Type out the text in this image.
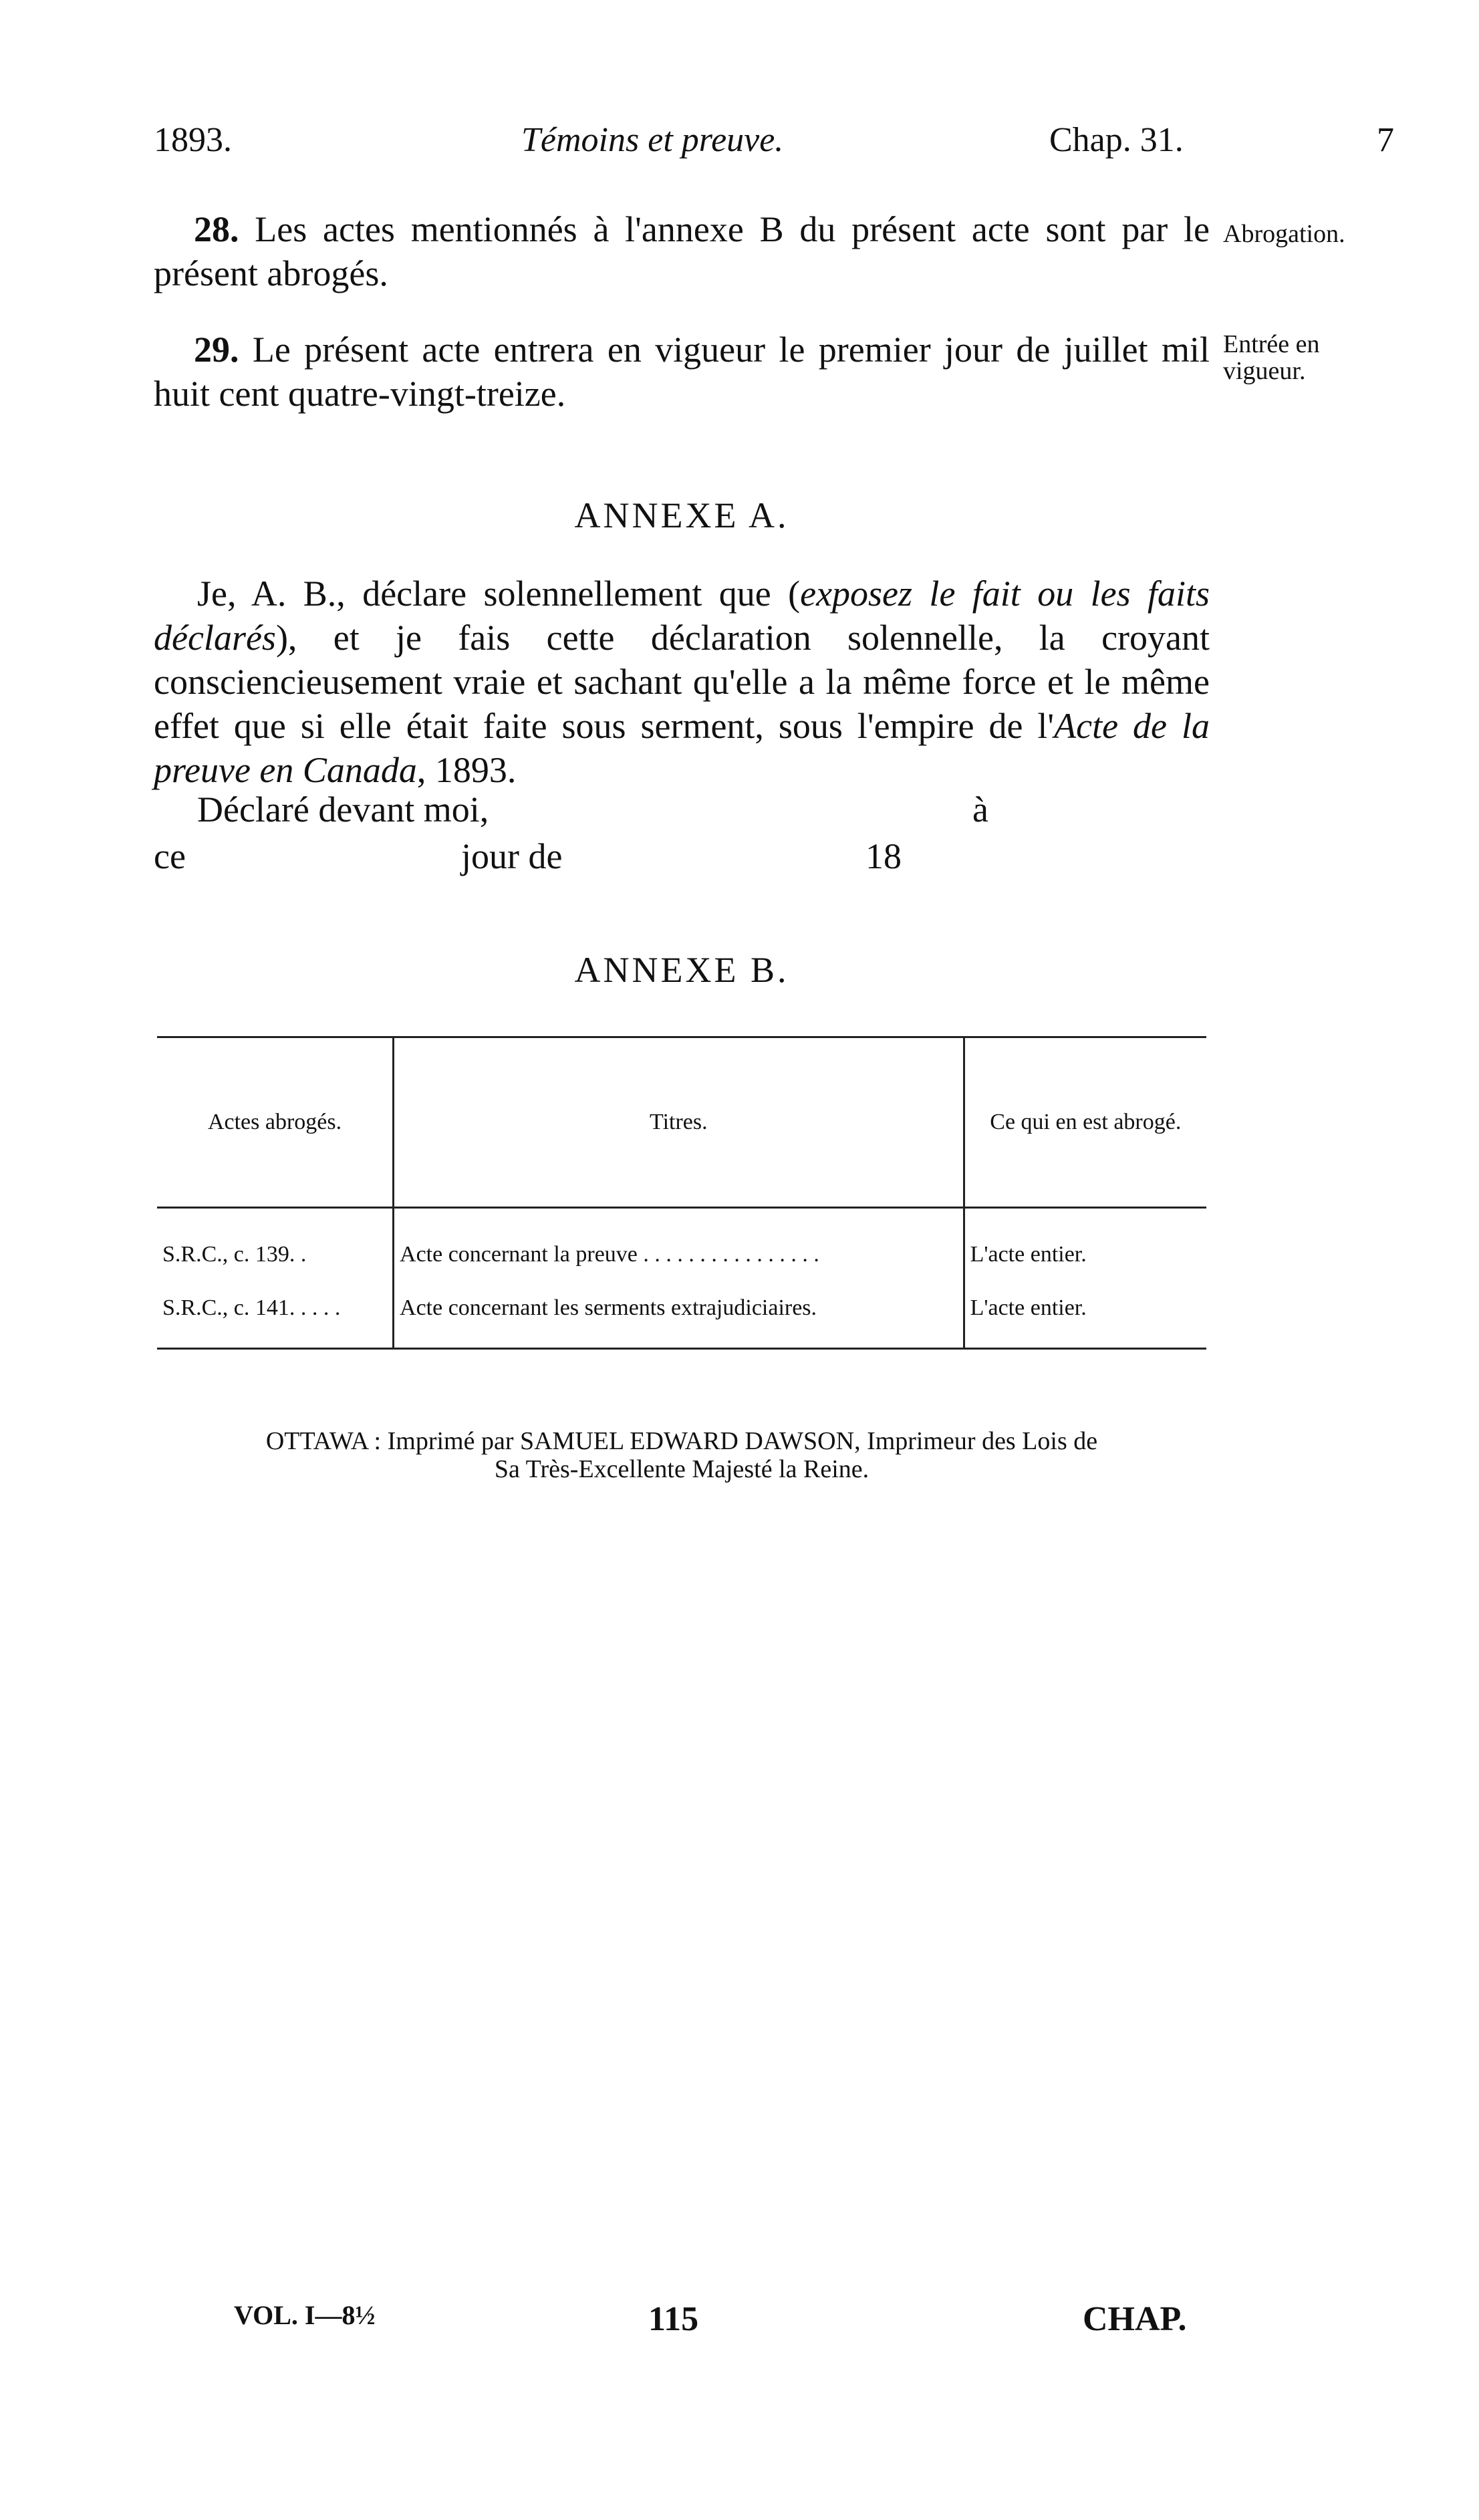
1893.	Témoins et preuve.	Chap. 31.	7
28. Les actes mentionnés à l'annexe B du présent acte sont par le présent abrogés.
Abrogation.
29. Le présent acte entrera en vigueur le premier jour de juillet mil huit cent quatre-vingt-treize.
Entrée en
vigueur.
ANNEXE A.
Je, A. B., déclare solennellement que (exposez le fait ou les faits déclarés), et je fais cette déclaration solennelle, la croyant consciencieusement vraie et sachant qu'elle a la même force et le même effet que si elle était faite sous serment, sous l'empire de l'Acte de la preuve en Canada, 1893.
Déclaré devant moi,	à
ce	jour de	18
ANNEXE B.
Actes abrogés.	Titres.	Ce qui en est abrogé.
S.R.C., c. 139. .	Acte concernant la preuve . . . . . . . . . . . . . . . .	L'acte entier.
S.R.C., c. 141. . . . .	Acte concernant les serments extrajudiciaires.	L'acte entier.
OTTAWA : Imprimé par SAMUEL EDWARD DAWSON, Imprimeur des Lois de
Sa Très-Excellente Majesté la Reine.
VOL. I—8½	115	CHAP.
